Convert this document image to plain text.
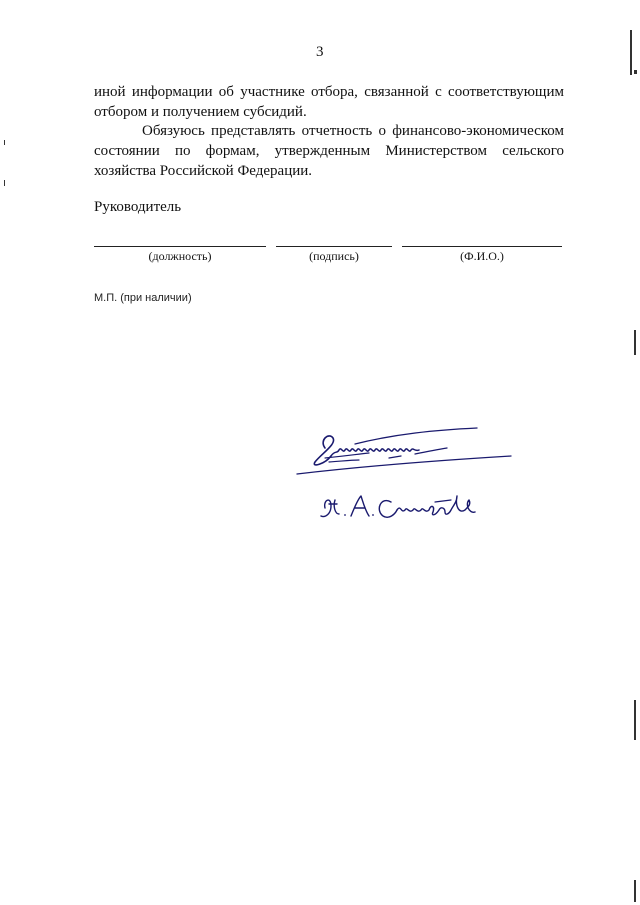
3
иной информации об участнике отбора, связанной с соответствующим
отбором и получением субсидий.
Обязуюсь представлять отчетность о финансово-экономическом
состоянии по формам, утвержденным Министерством сельского
хозяйства Российской Федерации.
Руководитель
(должность)	(подпись)	(Ф.И.О.)
М.П. (при наличии)
